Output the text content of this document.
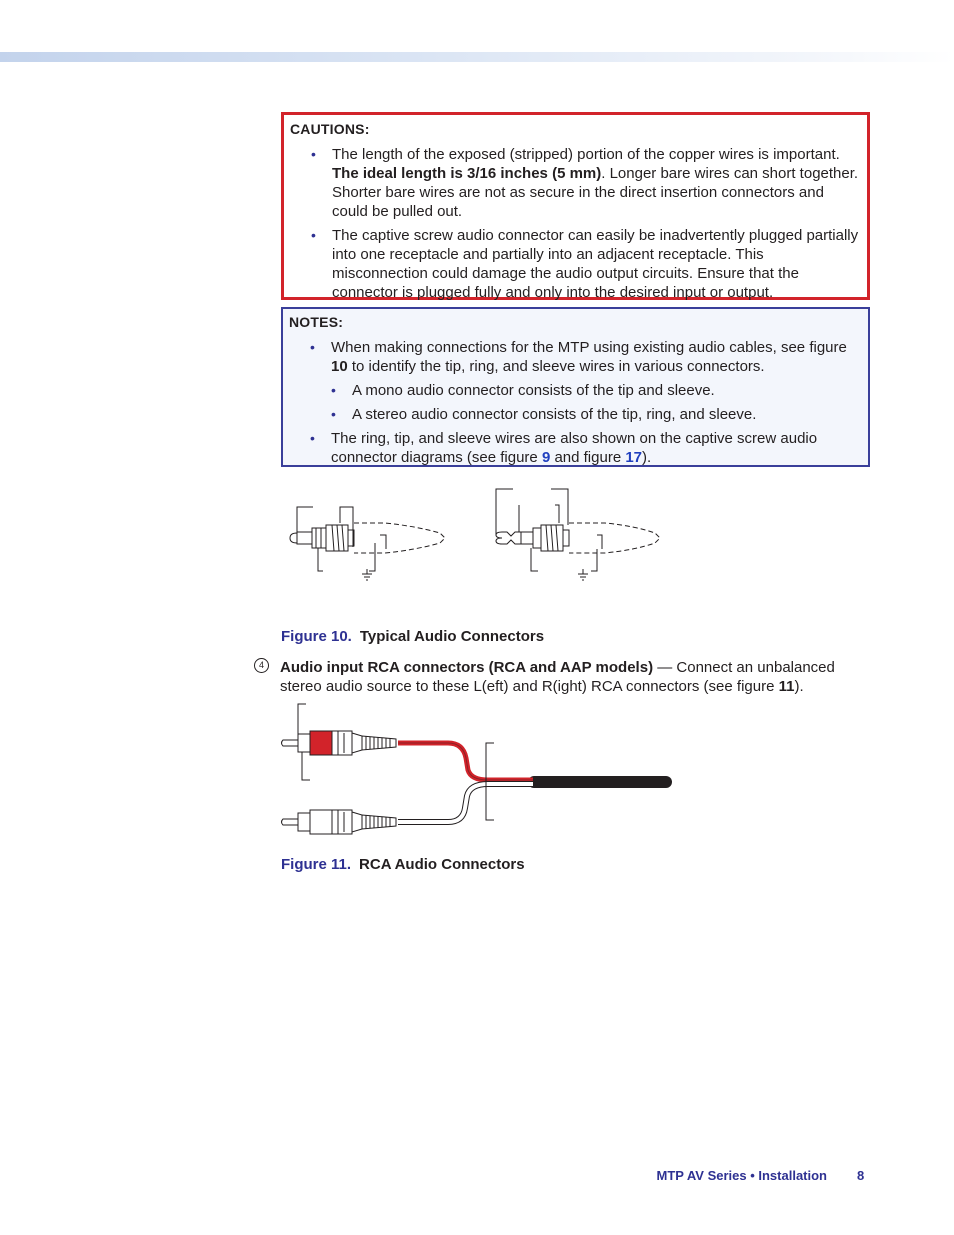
CAUTIONS:
• The length of the exposed (stripped) portion of the copper wires is important. The ideal length is 3/16 inches (5 mm). Longer bare wires can short together. Shorter bare wires are not as secure in the direct insertion connectors and could be pulled out.
• The captive screw audio connector can easily be inadvertently plugged partially into one receptacle and partially into an adjacent receptacle. This misconnection could damage the audio output circuits. Ensure that the connector is plugged fully and only into the desired input or output.
NOTES:
• When making connections for the MTP using existing audio cables, see figure 10 to identify the tip, ring, and sleeve wires in various connectors.
• A mono audio connector consists of the tip and sleeve.
• A stereo audio connector consists of the tip, ring, and sleeve.
• The ring, tip, and sleeve wires are also shown on the captive screw audio connector diagrams (see figure 9 and figure 17).
Figure 10. Typical Audio Connectors
4	Audio input RCA connectors (RCA and AAP models) — Connect an unbalanced stereo audio source to these L(eft) and R(ight) RCA connectors (see figure 11).
Figure 11. RCA Audio Connectors
MTP AV Series • Installation 8
